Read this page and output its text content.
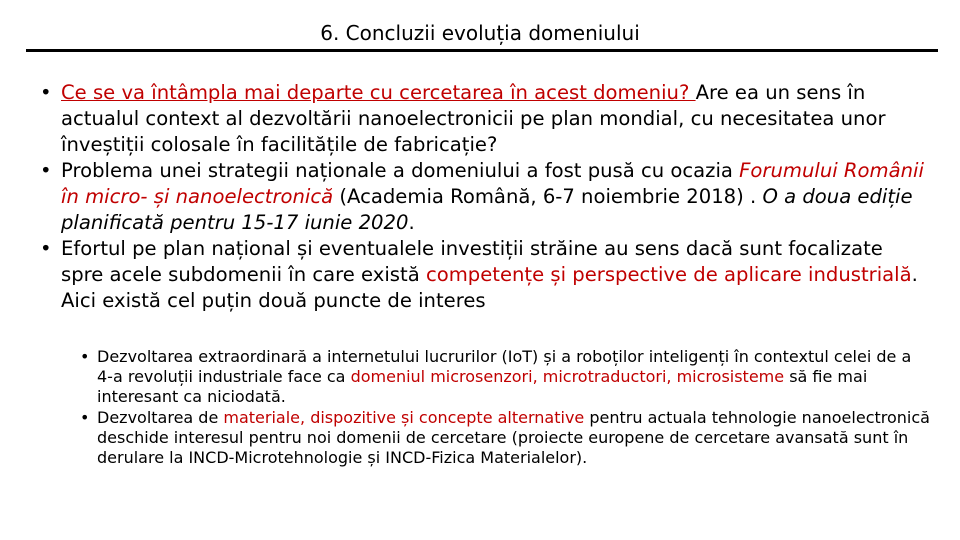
6. Concluzii evoluția domeniului
• Ce se va întâmpla mai departe cu cercetarea în acest domeniu? Are ea un sens în actualul context al dezvoltării nanoelectronicii pe plan mondial, cu necesitatea unor înveștiții colosale în facilitățile de fabricație?
• Problema unei strategii naționale a domeniului a fost pusă cu ocazia Forumului Românii în micro- și nanoelectronică (Academia Română, 6-7 noiembrie 2018) . O a doua ediție planificată pentru 15-17 iunie 2020.
• Efortul pe plan național și eventualele investiții străine au sens dacă sunt focalizate spre acele subdomenii în care există competențe și perspective de aplicare industrială. Aici există cel puțin două puncte de interes
• Dezvoltarea extraordinară a internetului lucrurilor (IoT) și a roboților inteligenți în contextul celei de a 4-a revoluții industriale face ca domeniul microsenzori, microtraductori, microsisteme să fie mai interesant ca niciodată.
• Dezvoltarea de materiale, dispozitive și concepte alternative pentru actuala tehnologie nanoelectronică deschide interesul pentru noi domenii de cercetare (proiecte europene de cercetare avansată sunt în derulare la INCD-Microtehnologie și INCD-Fizica Materialelor).
